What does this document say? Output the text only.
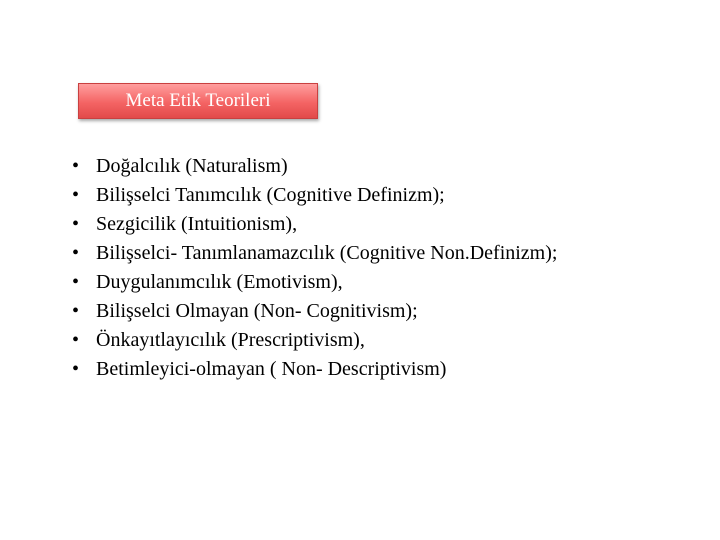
Meta Etik Teorileri
• Doğalcılık (Naturalism)
• Bilişselci Tanımcılık (Cognitive Definizm);
• Sezgicilik (Intuitionism),
• Bilişselci- Tanımlanamazcılık (Cognitive Non.Definizm);
• Duygulanımcılık (Emotivism),
• Bilişselci Olmayan (Non- Cognitivism);
• Önkayıtlayıcılık (Prescriptivism),
• Betimleyici-olmayan ( Non- Descriptivism)
